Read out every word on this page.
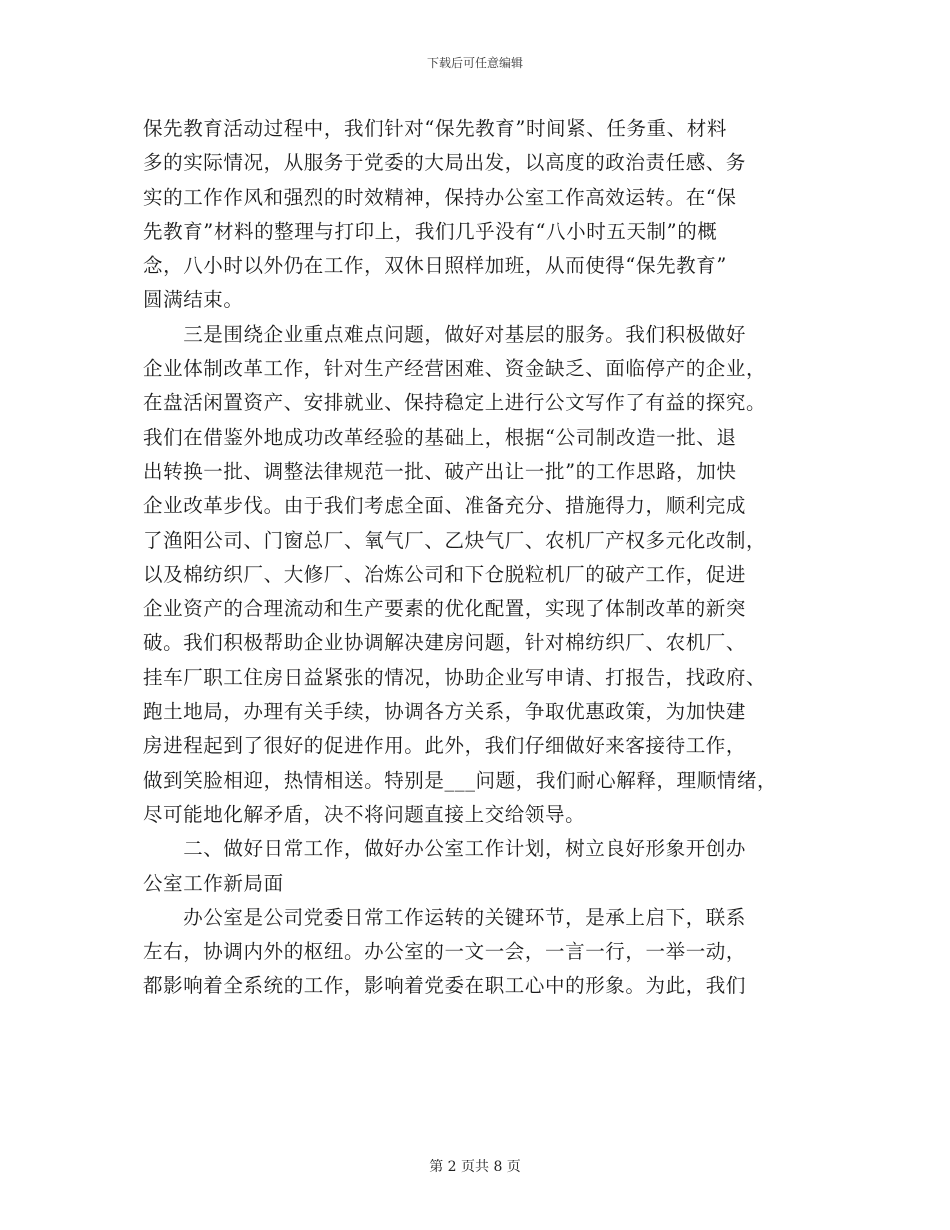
下载后可任意编辑
保先教育活动过程中，我们针对“保先教育”时间紧、任务重、材料
多的实际情况，从服务于党委的大局出发，以高度的政治责任感、务
实的工作作风和强烈的时效精神，保持办公室工作高效运转。在“保
先教育”材料的整理与打印上，我们几乎没有“八小时五天制”的概
念，八小时以外仍在工作，双休日照样加班，从而使得“保先教育”
圆满结束。
　　三是围绕企业重点难点问题，做好对基层的服务。我们积极做好
企业体制改革工作，针对生产经营困难、资金缺乏、面临停产的企业，
在盘活闲置资产、安排就业、保持稳定上进行公文写作了有益的探究。
我们在借鉴外地成功改革经验的基础上，根据“公司制改造一批、退
出转换一批、调整法律规范一批、破产出让一批”的工作思路，加快
企业改革步伐。由于我们考虑全面、准备充分、措施得力，顺利完成
了渔阳公司、门窗总厂、氧气厂、乙炔气厂、农机厂产权多元化改制，
以及棉纺织厂、大修厂、冶炼公司和下仓脱粒机厂的破产工作，促进
企业资产的合理流动和生产要素的优化配置，实现了体制改革的新突
破。我们积极帮助企业协调解决建房问题，针对棉纺织厂、农机厂、
挂车厂职工住房日益紧张的情况，协助企业写申请、打报告，找政府、
跑土地局，办理有关手续，协调各方关系，争取优惠政策，为加快建
房进程起到了很好的促进作用。此外，我们仔细做好来客接待工作，
做到笑脸相迎，热情相送。特别是___问题，我们耐心解释，理顺情绪，
尽可能地化解矛盾，决不将问题直接上交给领导。
　　二、做好日常工作，做好办公室工作计划，树立良好形象开创办
公室工作新局面
　　办公室是公司党委日常工作运转的关键环节，是承上启下，联系
左右，协调内外的枢纽。办公室的一文一会，一言一行，一举一动，
都影响着全系统的工作，影响着党委在职工心中的形象。为此，我们
第 2 页共 8 页
